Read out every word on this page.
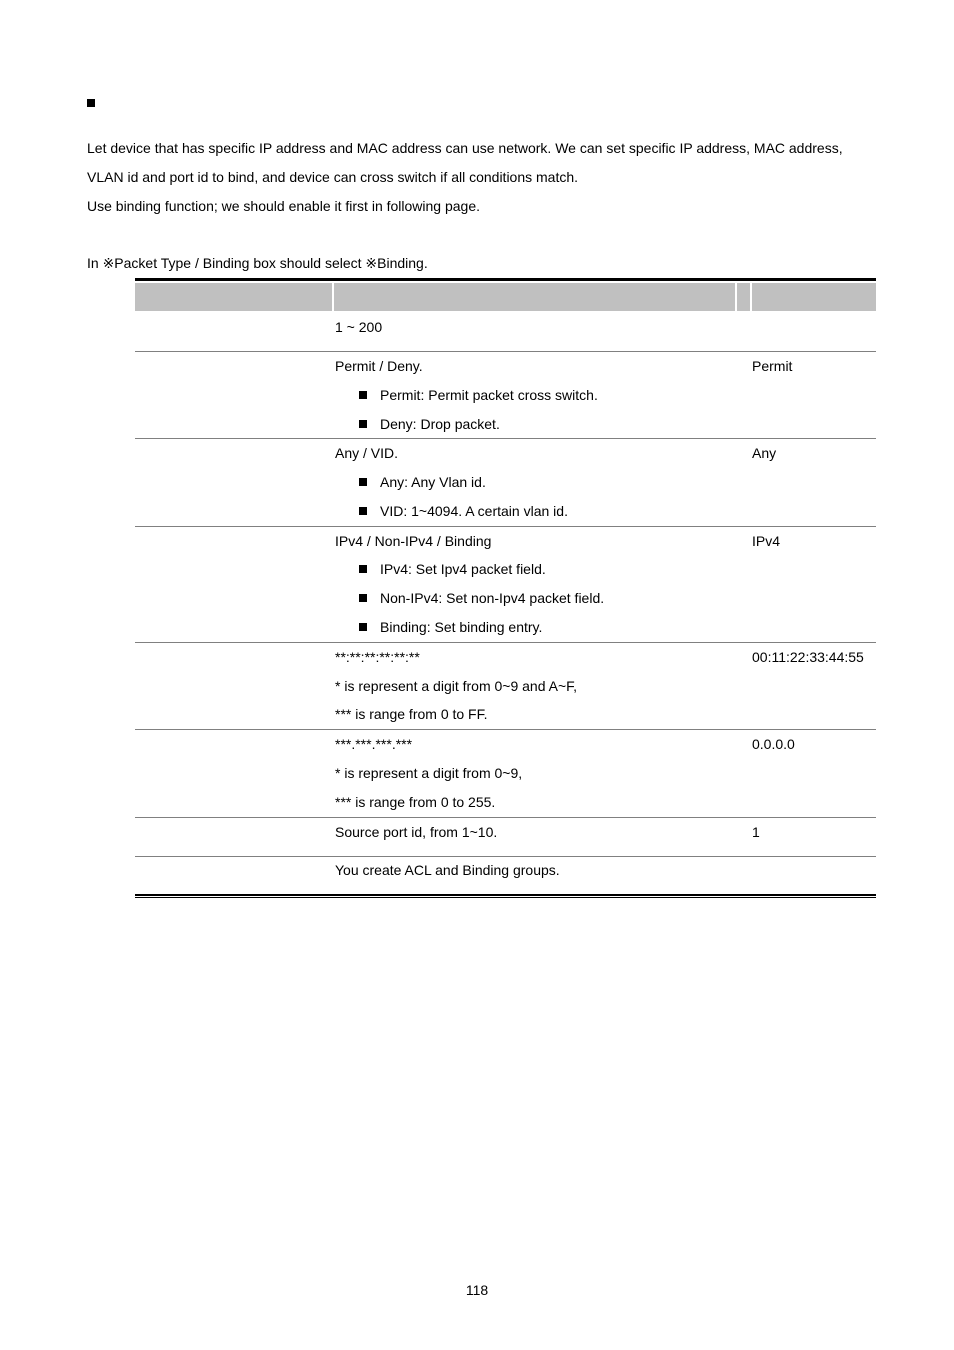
Let device that has specific IP address and MAC address can use network. We can set specific IP address, MAC address,

VLAN id and port id to bind, and device can cross switch if all conditions match.

Use binding function; we should enable it first in following page.

In ※Packet Type / Binding box should select ※Binding.

1 ~ 200
Permit / Deny.	Permit
Permit: Permit packet cross switch.
Deny: Drop packet.
Any / VID.	Any
Any: Any Vlan id.
VID: 1~4094. A certain vlan id.
IPv4 / Non-IPv4 / Binding	IPv4
IPv4: Set Ipv4 packet field.
Non-IPv4: Set non-Ipv4 packet field.
Binding: Set binding entry.
**:**:**:**:**:**	00:11:22:33:44:55
* is represent a digit from 0~9 and A~F,
*** is range from 0 to FF.
***.***.***.***	0.0.0.0
* is represent a digit from 0~9,
*** is range from 0 to 255.
Source port id, from 1~10.	1
You create ACL and Binding groups.
118
